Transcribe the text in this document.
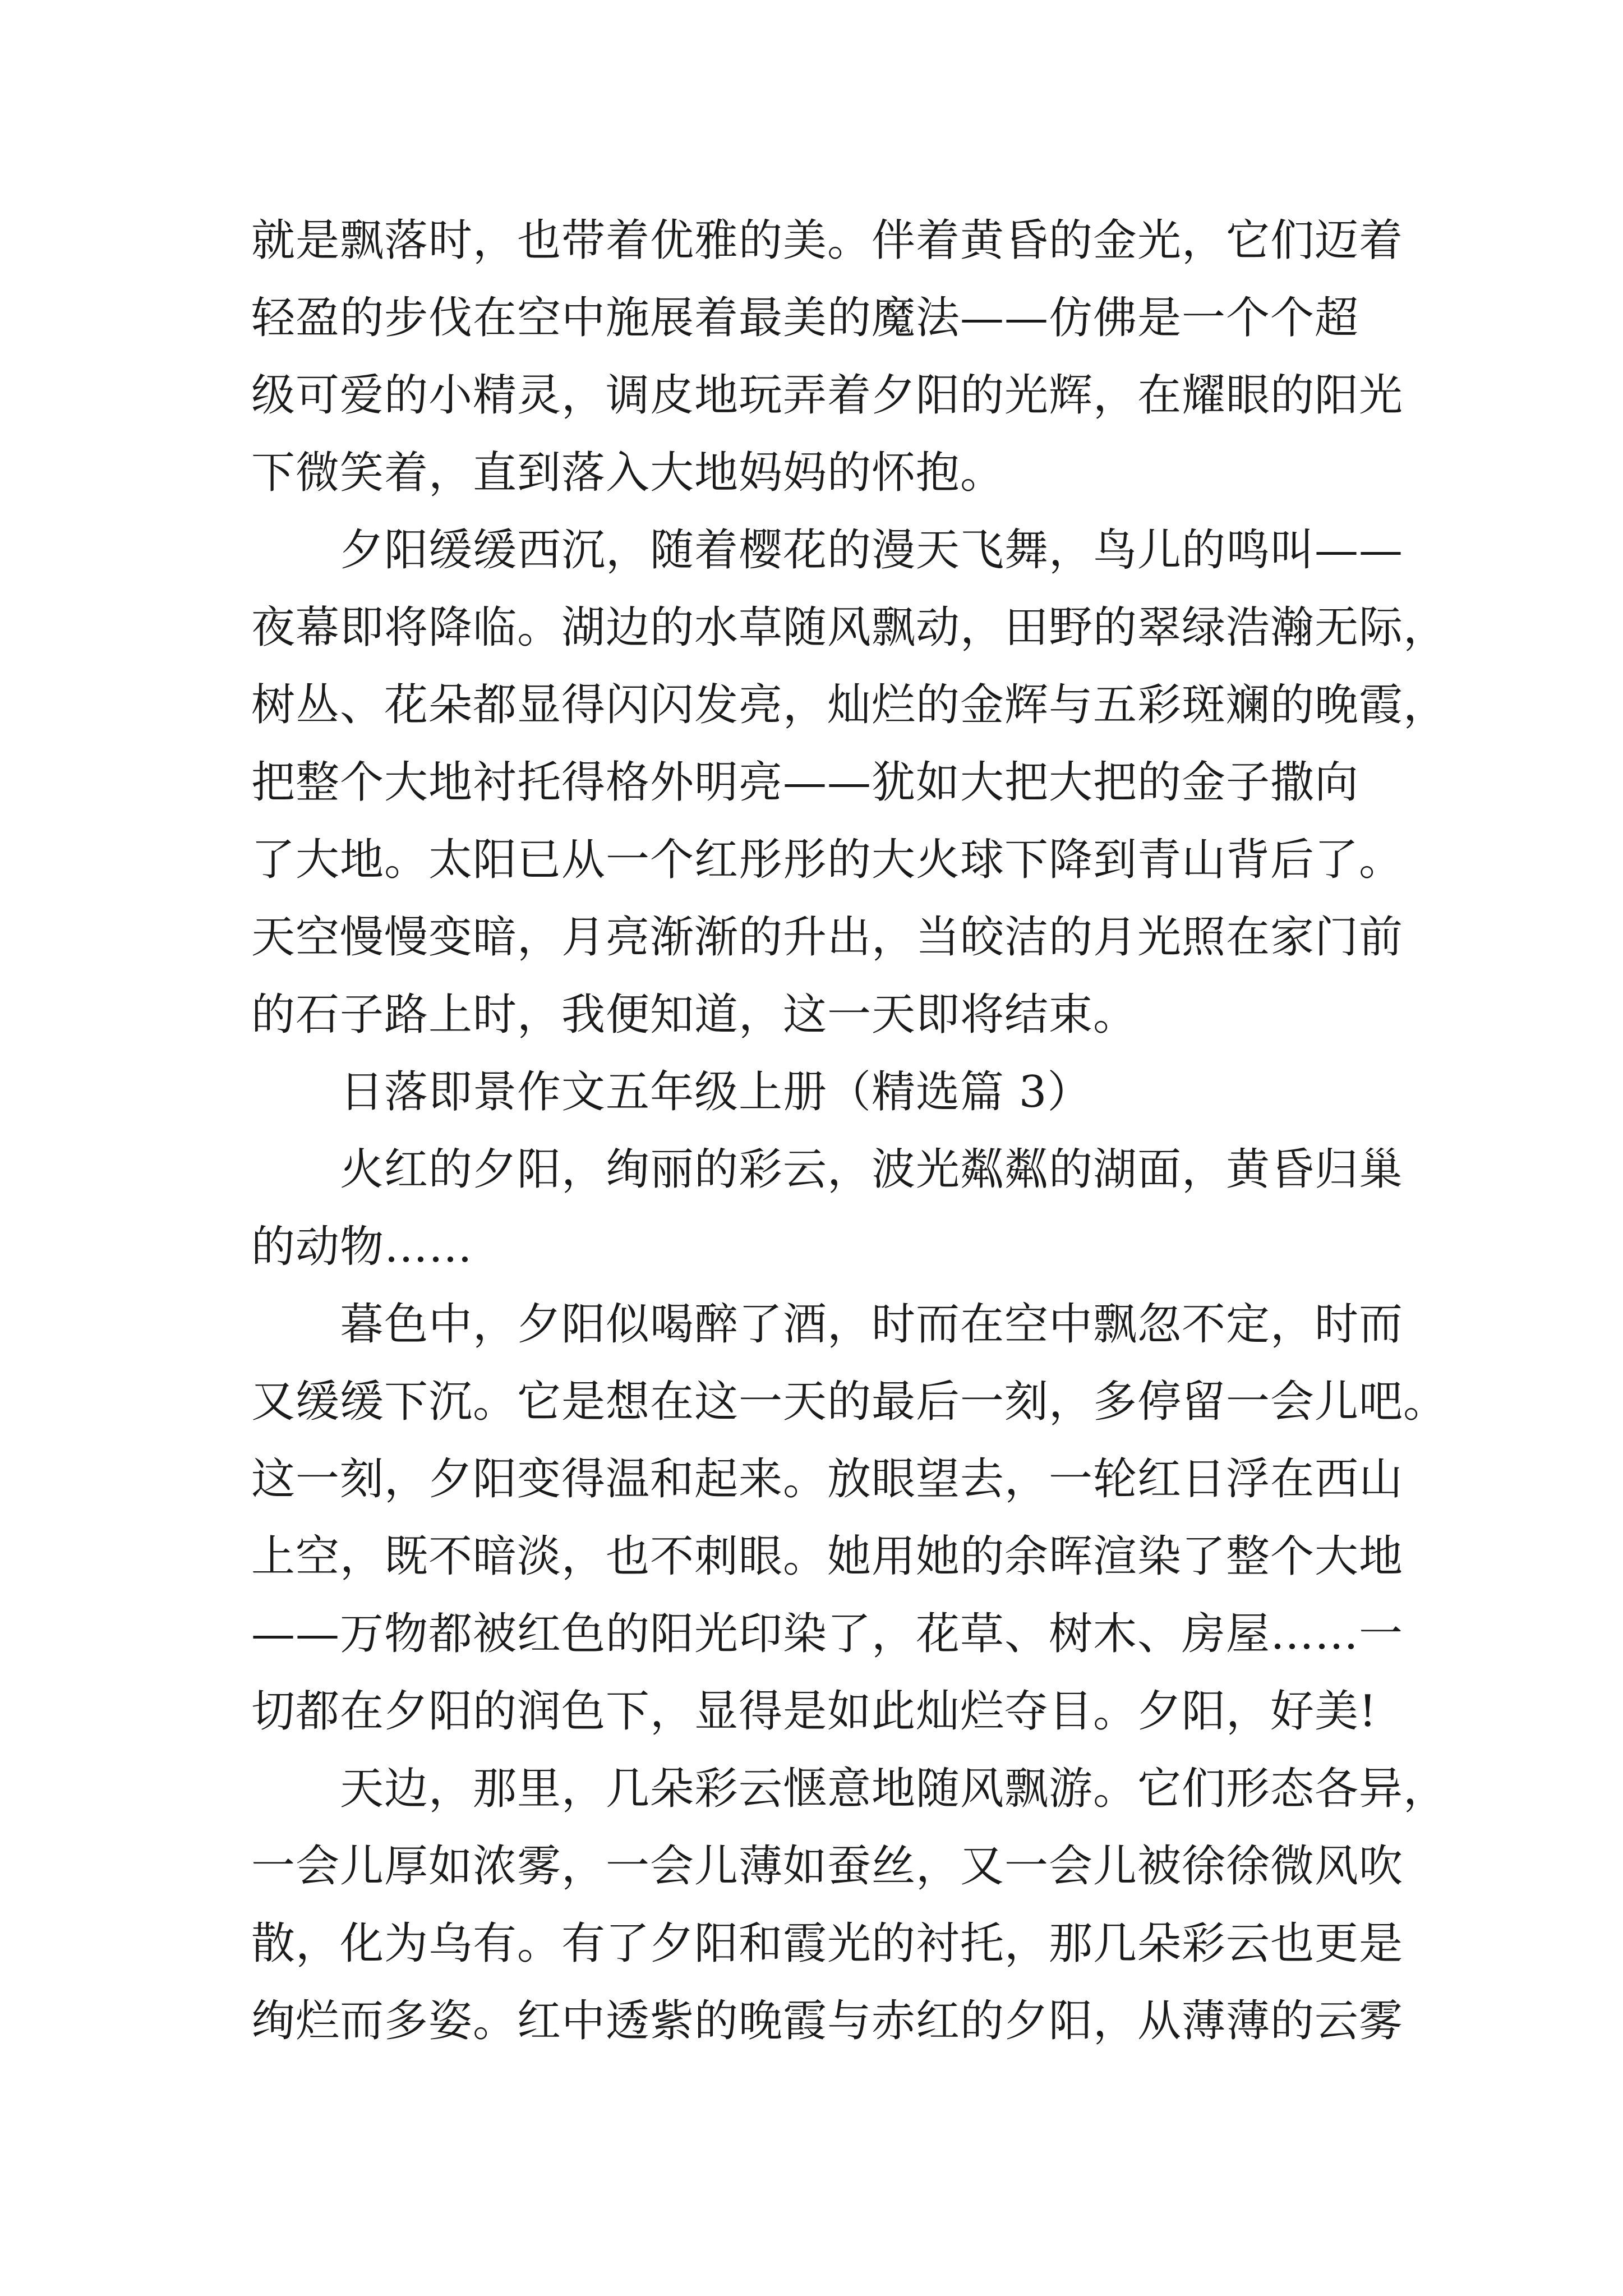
就是飘落时，也带着优雅的美。伴着黄昏的金光，它们迈着
轻盈的步伐在空中施展着最美的魔法——仿佛是一个个超
级可爱的小精灵，调皮地玩弄着夕阳的光辉，在耀眼的阳光
下微笑着，直到落入大地妈妈的怀抱。
夕阳缓缓西沉，随着樱花的漫天飞舞，鸟儿的鸣叫——
夜幕即将降临。湖边的水草随风飘动，田野的翠绿浩瀚无际，
树丛、花朵都显得闪闪发亮，灿烂的金辉与五彩斑斓的晚霞，
把整个大地衬托得格外明亮——犹如大把大把的金子撒向
了大地。太阳已从一个红彤彤的大火球下降到青山背后了。
天空慢慢变暗，月亮渐渐的升出，当皎洁的月光照在家门前
的石子路上时，我便知道，这一天即将结束。
日落即景作文五年级上册（精选篇 3）
火红的夕阳，绚丽的彩云，波光粼粼的湖面，黄昏归巢
的动物……
暮色中，夕阳似喝醉了酒，时而在空中飘忽不定，时而
又缓缓下沉。它是想在这一天的最后一刻，多停留一会儿吧。
这一刻，夕阳变得温和起来。放眼望去，一轮红日浮在西山
上空，既不暗淡，也不刺眼。她用她的余晖渲染了整个大地
——万物都被红色的阳光印染了，花草、树木、房屋……一
切都在夕阳的润色下，显得是如此灿烂夺目。夕阳，好美!
天边，那里，几朵彩云惬意地随风飘游。它们形态各异，
一会儿厚如浓雾，一会儿薄如蚕丝，又一会儿被徐徐微风吹
散，化为乌有。有了夕阳和霞光的衬托，那几朵彩云也更是
绚烂而多姿。红中透紫的晚霞与赤红的夕阳，从薄薄的云雾
